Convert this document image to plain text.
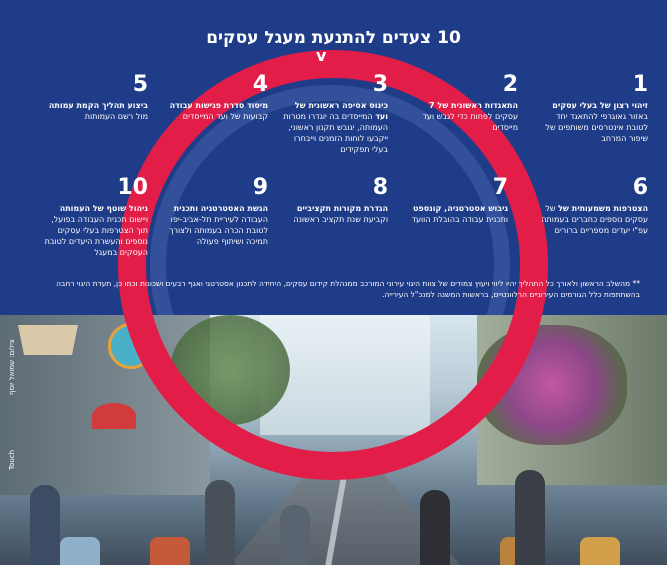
10 צעדים להתנעת מעגל עסקים
v
1
זיהוי רצון של בעלי עסקים באזור גאוגרפי להתאגד יחד לטובת אינטרסים משותפים של שיפור המרחב
2
התאגדות ראשונית של 7 עסקים לפחות כדי לגבש ועד מייסדים
3
כינוס אסיפה ראשונית של ועד המייסדים בה יוגדרו מטרות העמותה, יגובש תקנון ראשוני, ייקבעו לוחות הזמנים וייבחרו בעלי תפקידים
4
מיסוד סדרת פגישות עבודה קבועות של ועד המייסדים
5
ביצוע תהליך הקמת עמותה מול רשם העמותות
6
הצטרפות משמעותית של של עסקים נוספים כחברים בעמותה עפ"י יעדים מספריים ברורים
7
גיבוש אסטרטגיה, קונספט ותכנית עבודה בהובלת הוועד
8
הגדרת מקורות תקציביים וקביעת שנת תקציב ראשונה
9
הגשת האסטרטגיה ותכנית העבודה לעיריית תל-אביב-יפו לטובת הכרה בעמותה ולצורך תמיכה ושיתוף פעולה
10
ניהול שוטף של העמותה ויישום תכנית העבודה בפועל, תוך הצטרפות בעלי עסקים נוספים והעשרת היעדים לטובת העסקים במעגל
** מהשלב הראשון ולאורך כל התהליך יהיו ליווי ויעוץ צמודים של צוות היגוי עירוני המורכב ממנהלת קידום עסקים, היחידה לתכנון אסטרטגי ואגף רבעים ושכונות וכמו כן, תעדת היגוי רחבה בהשתתפות כלל הגורמים העירוניים הרלוונטיים, בראשות המשנה למנכ"ל העירייה.
צילום: שמואל יוסף
Touch
